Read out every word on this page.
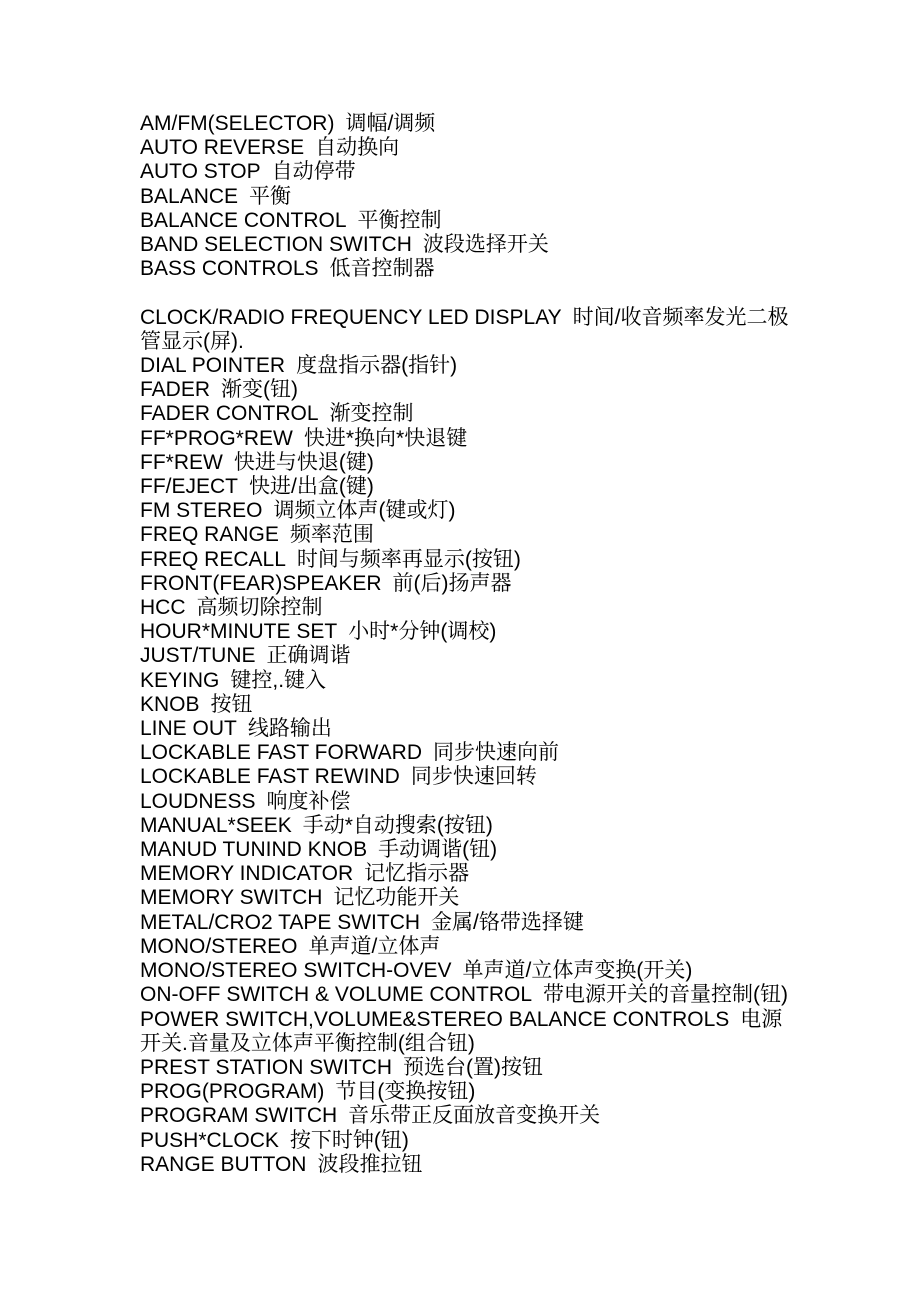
AM/FM(SELECTOR) 调幅/调频

AUTO REVERSE 自动换向

AUTO STOP 自动停带

BALANCE 平衡

BALANCE CONTROL 平衡控制

BAND SELECTION SWITCH 波段选择开关

BASS CONTROLS 低音控制器

CLOCK/RADIO FREQUENCY LED DISPLAY 时间/收音频率发光二极管显示(屏).

DIAL POINTER 度盘指示器(指针)

FADER 渐变(钮)

FADER CONTROL 渐变控制

FF*PROG*REW 快进*换向*快退键

FF*REW 快进与快退(键)

FF/EJECT 快进/出盒(键)

FM STEREO 调频立体声(键或灯)

FREQ RANGE 频率范围

FREQ RECALL 时间与频率再显示(按钮)

FRONT(FEAR)SPEAKER 前(后)扬声器

HCC 高频切除控制

HOUR*MINUTE SET 小时*分钟(调校)

JUST/TUNE 正确调谐

KEYING 键控,.键入

KNOB 按钮

LINE OUT 线路输出

LOCKABLE FAST FORWARD 同步快速向前

LOCKABLE FAST REWIND 同步快速回转

LOUDNESS 响度补偿

MANUAL*SEEK 手动*自动搜索(按钮)

MANUD TUNIND KNOB 手动调谐(钮)

MEMORY INDICATOR 记忆指示器

MEMORY SWITCH 记忆功能开关

METAL/CRO2 TAPE SWITCH 金属/铬带选择键

MONO/STEREO 单声道/立体声

MONO/STEREO SWITCH-OVEV 单声道/立体声变换(开关)

ON-OFF SWITCH & VOLUME CONTROL 带电源开关的音量控制(钮)

POWER SWITCH,VOLUME&STEREO BALANCE CONTROLS 电源开关.音量及立体声平衡控制(组合钮)

PREST STATION SWITCH 预选台(置)按钮

PROG(PROGRAM) 节目(变换按钮)

PROGRAM SWITCH 音乐带正反面放音变换开关

PUSH*CLOCK 按下时钟(钮)

RANGE BUTTON 波段推拉钮
